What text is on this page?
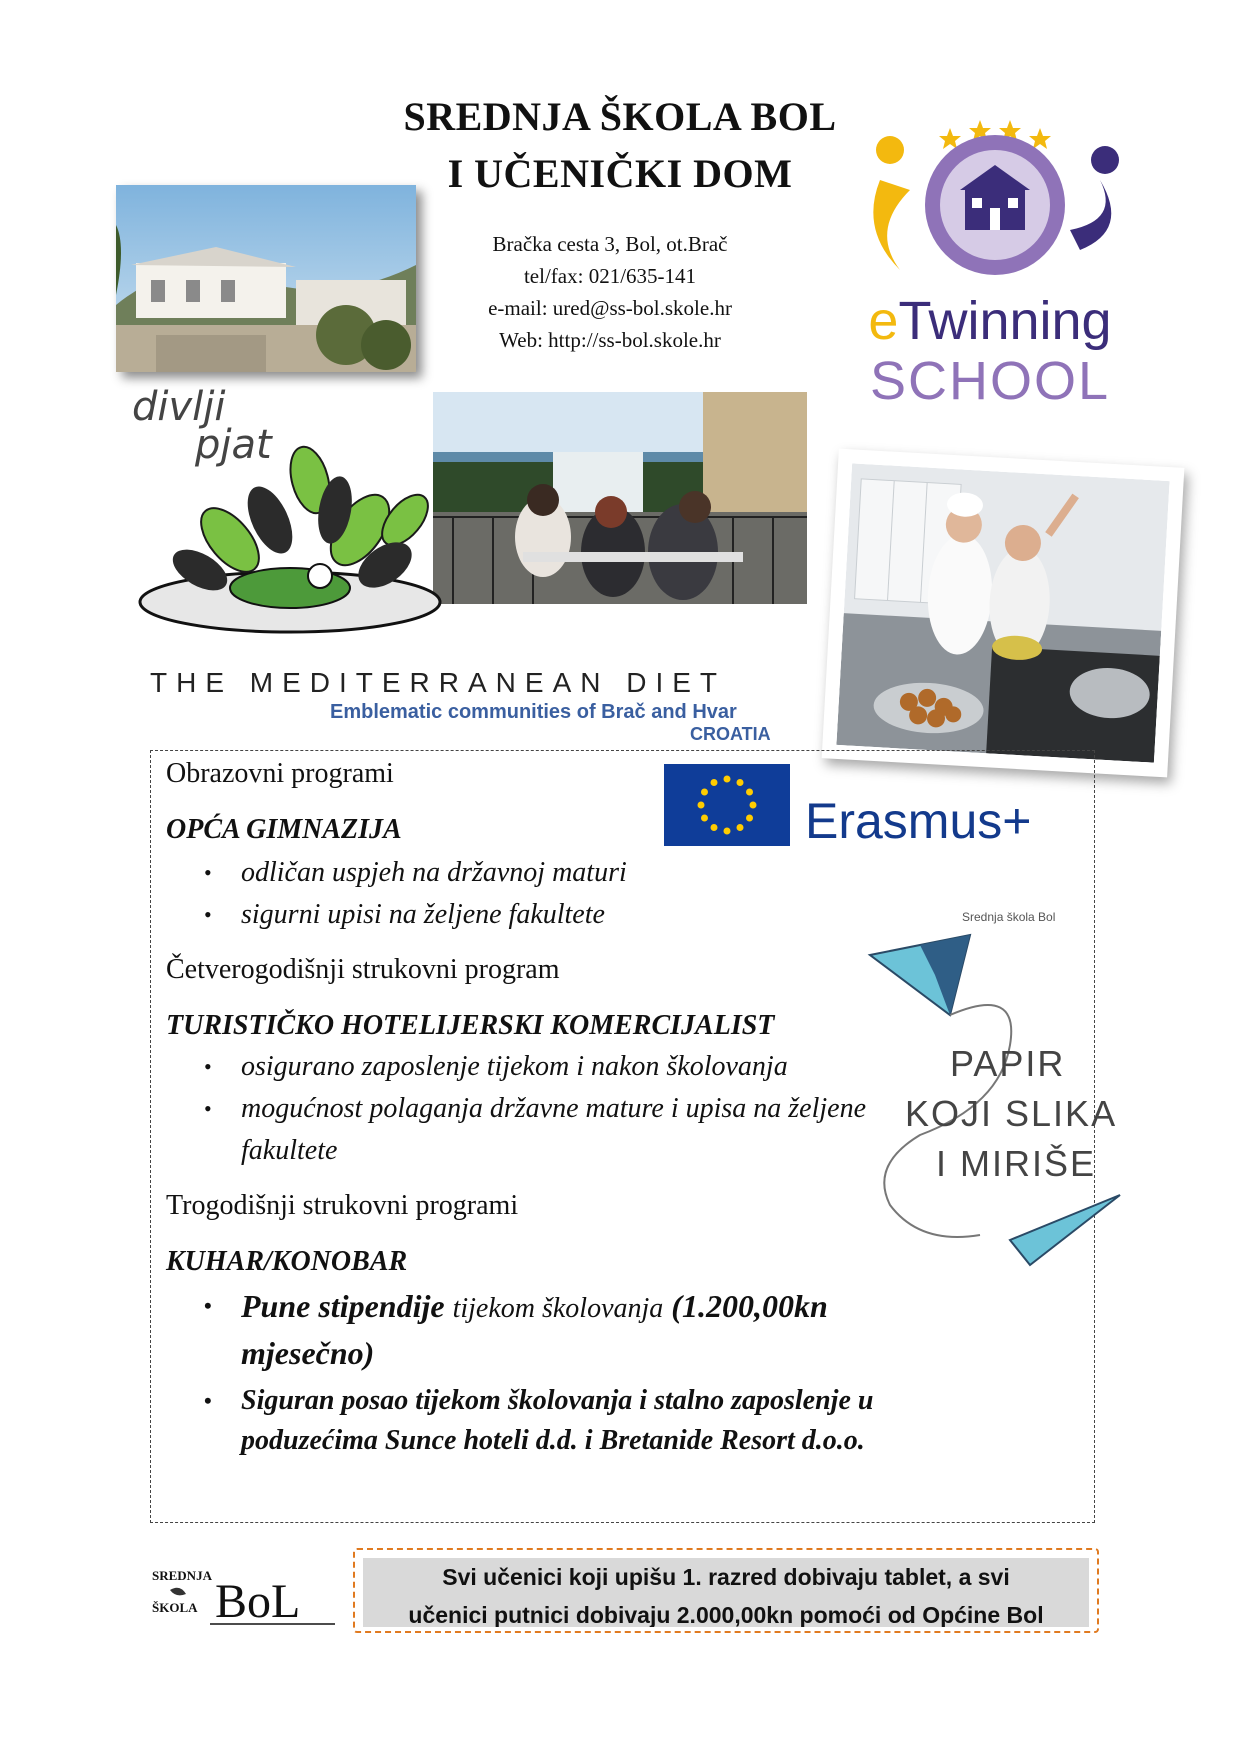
SREDNJA ŠKOLA BOL
I UČENIČKI DOM
Bračka cesta 3, Bol, ot.Brač
tel/fax: 021/635-141
e-mail: ured@ss-bol.skole.hr
Web: http://ss-bol.skole.hr
divlji
pjat
THE MEDITERRANEAN DIET
Emblematic communities of Brač and Hvar
CROATIA
eTwinning
SCHOOL
Erasmus+
Srednja škola Bol
PAPIR
KOJI SLIKA
I MIRIŠE

Obrazovni programi

OPĆA GIMNAZIJA

• odličan uspjeh na državnoj maturi
• sigurni upisi na željene fakultete

Četverogodišnji strukovni program

TURISTIČKO HOTELIJERSKI KOMERCIJALIST

• osigurano zaposlenje tijekom i nakon školovanja
• mogućnost polaganja državne mature i upisa na željene
fakultete

Trogodišnji strukovni programi

KUHAR/KONOBAR

• Pune stipendije tijekom školovanja (1.200,00kn
mjesečno)
• Siguran posao tijekom školovanja i stalno zaposlenje u
poduzećima Sunce hoteli d.d. i Bretanide Resort d.o.o.
SREDNJA
ŠKOLA BoL	Svi učenici koji upišu 1. razred dobivaju tablet, a svi
učenici putnici dobivaju 2.000,00kn pomoći od Općine Bol
